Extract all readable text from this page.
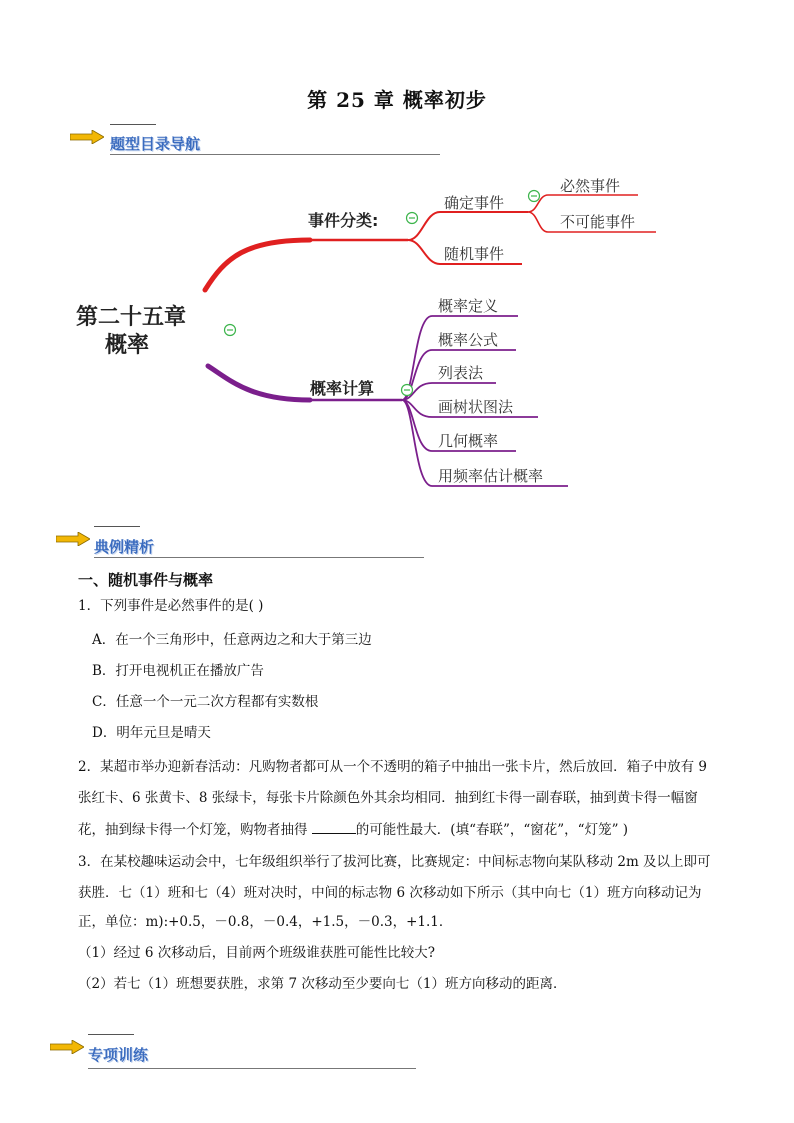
第 25 章 概率初步
题型目录导航
第二十五章
概率
事件分类:
确定事件
随机事件
必然事件
不可能事件
概率计算
概率定义
概率公式
列表法
画树状图法
几何概率
用频率估计概率
典例精析
一、随机事件与概率
1．下列事件是必然事件的是( )
A．在一个三角形中，任意两边之和大于第三边
B．打开电视机正在播放广告
C．任意一个一元二次方程都有实数根
D．明年元旦是晴天
2．某超市举办迎新春活动：凡购物者都可从一个不透明的箱子中抽出一张卡片，然后放回．箱子中放有 9
张红卡、6 张黄卡、8 张绿卡，每张卡片除颜色外其余均相同．抽到红卡得一副春联，抽到黄卡得一幅窗
花，抽到绿卡得一个灯笼，购物者抽得	的可能性最大．(填“春联”，“窗花”，“灯笼” )
3．在某校趣味运动会中，七年级组织举行了拔河比赛，比赛规定：中间标志物向某队移动 2m 及以上即可
获胜．七（1）班和七（4）班对决时，中间的标志物 6 次移动如下所示（其中向七（1）班方向移动记为
正，单位：m):+0.5，－0.8，－0.4，+1.5，－0.3，+1.1．
（1）经过 6 次移动后，目前两个班级谁获胜可能性比较大?
（2）若七（1）班想要获胜，求第 7 次移动至少要向七（1）班方向移动的距离．
专项训练
